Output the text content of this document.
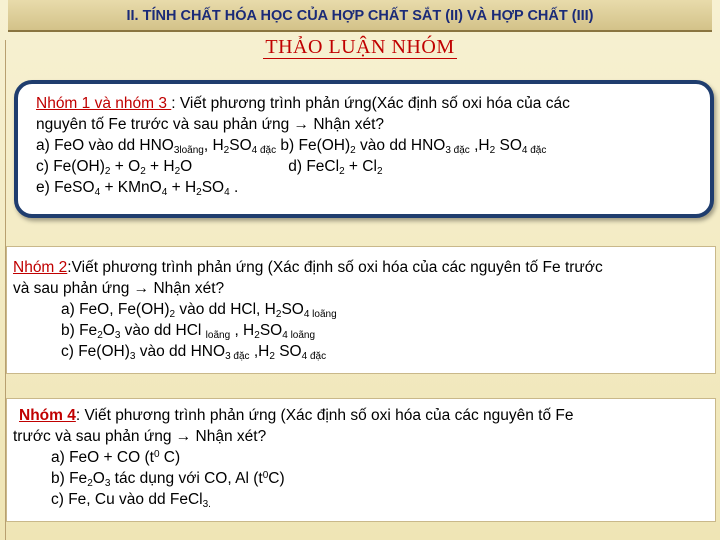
II. TÍNH CHẤT HÓA HỌC CỦA HỢP CHẤT SẮT (II) VÀ HỢP CHẤT (III)
THẢO LUẬN NHÓM
Nhóm 1 và nhóm 3 : Viết phương trình phản ứng(Xác định số oxi hóa của các
nguyên tố Fe trước và sau phản ứng → Nhận xét?
a) FeO vào dd $HNO_{3loãng}$, $H_2SO_{4 đặc}$ b) $Fe(OH)_2$ vào dd $HNO_{3 đặc}$ $,H_2$ $SO_{4 đặc}$
c) $Fe(OH)_2 + O_2 + H_2O$	d) FeCl$_2$ + $Cl_2$
e) FeSO$_4$ + KMnO$_4$ + $H_2SO_4$ .
Nhóm 2:Viết phương trình phản ứng (Xác định số oxi hóa của các nguyên tố Fe trước
và sau phản ứng → Nhận xét?
a) FeO, $Fe(OH)_2$ vào dd HCl, $H_2SO_{4 loãng}$
b) $Fe_2O_3$ vào dd HCl $_{loãng}$ , $H_2SO_{4 loãng}$
c) $Fe(OH)_3$ vào dd $HNO_{3 đặc}$ $,H_2$ $SO_{4 đặc}$
Nhóm 4: Viết phương trình phản ứng (Xác định số oxi hóa của các nguyên tố Fe
trước và sau phản ứng → Nhận xét?
a) FeO + CO ($t^0$ C)
b) $Fe_2O_3$ tác dụng với CO, Al $(t^0C)$
c) Fe, Cu vào dd FeCl$_{3.}$
